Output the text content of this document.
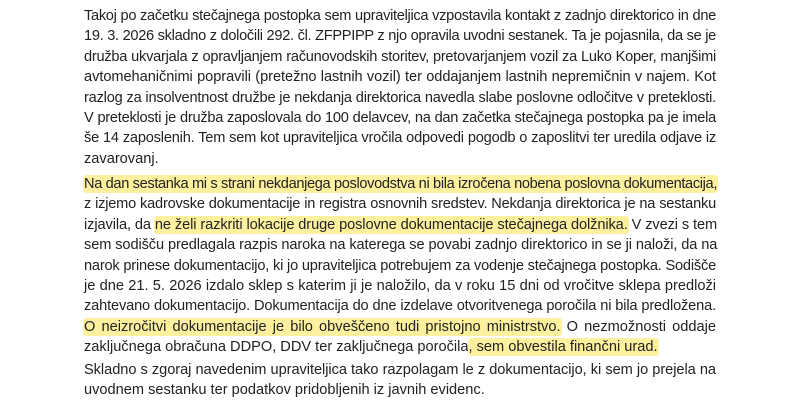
Takoj po začetku stečajnega postopka sem upraviteljica vzpostavila kontakt z zadnjo direktorico in dne
19. 3. 2026 skladno z določili 292. čl. ZFPPIPP z njo opravila uvodni sestanek. Ta je pojasnila, da se je
družba ukvarjala z opravljanjem računovodskih storitev, pretovarjanjem vozil za Luko Koper, manjšimi
avtomehaničnimi popravili (pretežno lastnih vozil) ter oddajanjem lastnih nepremičnin v najem. Kot
razlog za insolventnost družbe je nekdanja direktorica navedla slabe poslovne odločitve v preteklosti.
V preteklosti je družba zaposlovala do 100 delavcev, na dan začetka stečajnega postopka pa je imela
še 14 zaposlenih. Tem sem kot upraviteljica vročila odpovedi pogodb o zaposlitvi ter uredila odjave iz
zavarovanj.
Na dan sestanka mi s strani nekdanjega poslovodstva ni bila izročena nobena poslovna dokumentacija,
z izjemo kadrovske dokumentacije in registra osnovnih sredstev. Nekdanja direktorica je na sestanku
izjavila, da ne želi razkriti lokacije druge poslovne dokumentacije stečajnega dolžnika. V zvezi s tem
sem sodišču predlagala razpis naroka na katerega se povabi zadnjo direktorico in se ji naloži, da na
narok prinese dokumentacijo, ki jo upraviteljica potrebujem za vodenje stečajnega postopka. Sodišče
je dne 21. 5. 2026 izdalo sklep s katerim ji je naložilo, da v roku 15 dni od vročitve sklepa predloži
zahtevano dokumentacijo. Dokumentacija do dne izdelave otvoritvenega poročila ni bila predložena.
O neizročitvi dokumentacije je bilo obveščeno tudi pristojno ministrstvo. O nezmožnosti oddaje
zaključnega obračuna DDPO, DDV ter zaključnega poročila, sem obvestila finančni urad.
Skladno s zgoraj navedenim upraviteljica tako razpolagam le z dokumentacijo, ki sem jo prejela na
uvodnem sestanku ter podatkov pridobljenih iz javnih evidenc.
